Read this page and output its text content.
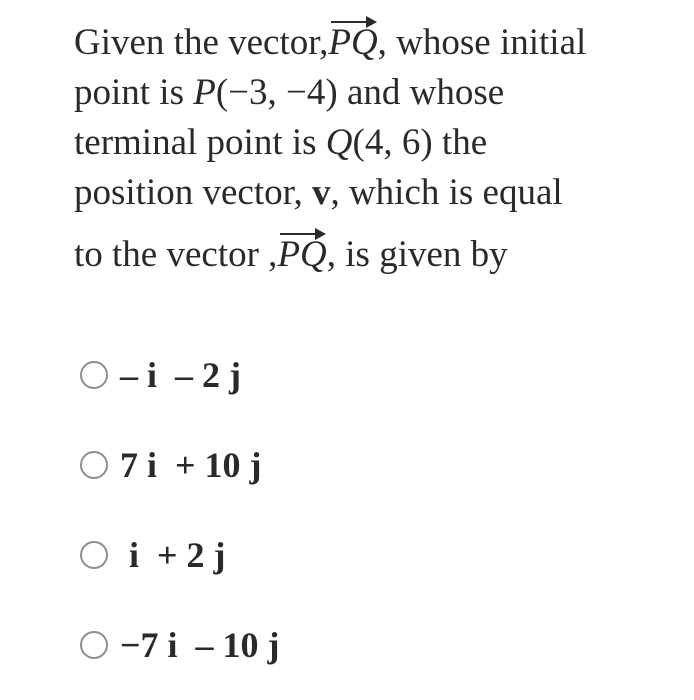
Given the vector,PQ, whose initial
point is P(−3, −4) and whose
terminal point is Q(4, 6) the
position vector, v, which is equal
to the vector ,PQ, is given by
– i  – 2 j
7 i  + 10 j
i  + 2 j
−7 i  – 10 j
